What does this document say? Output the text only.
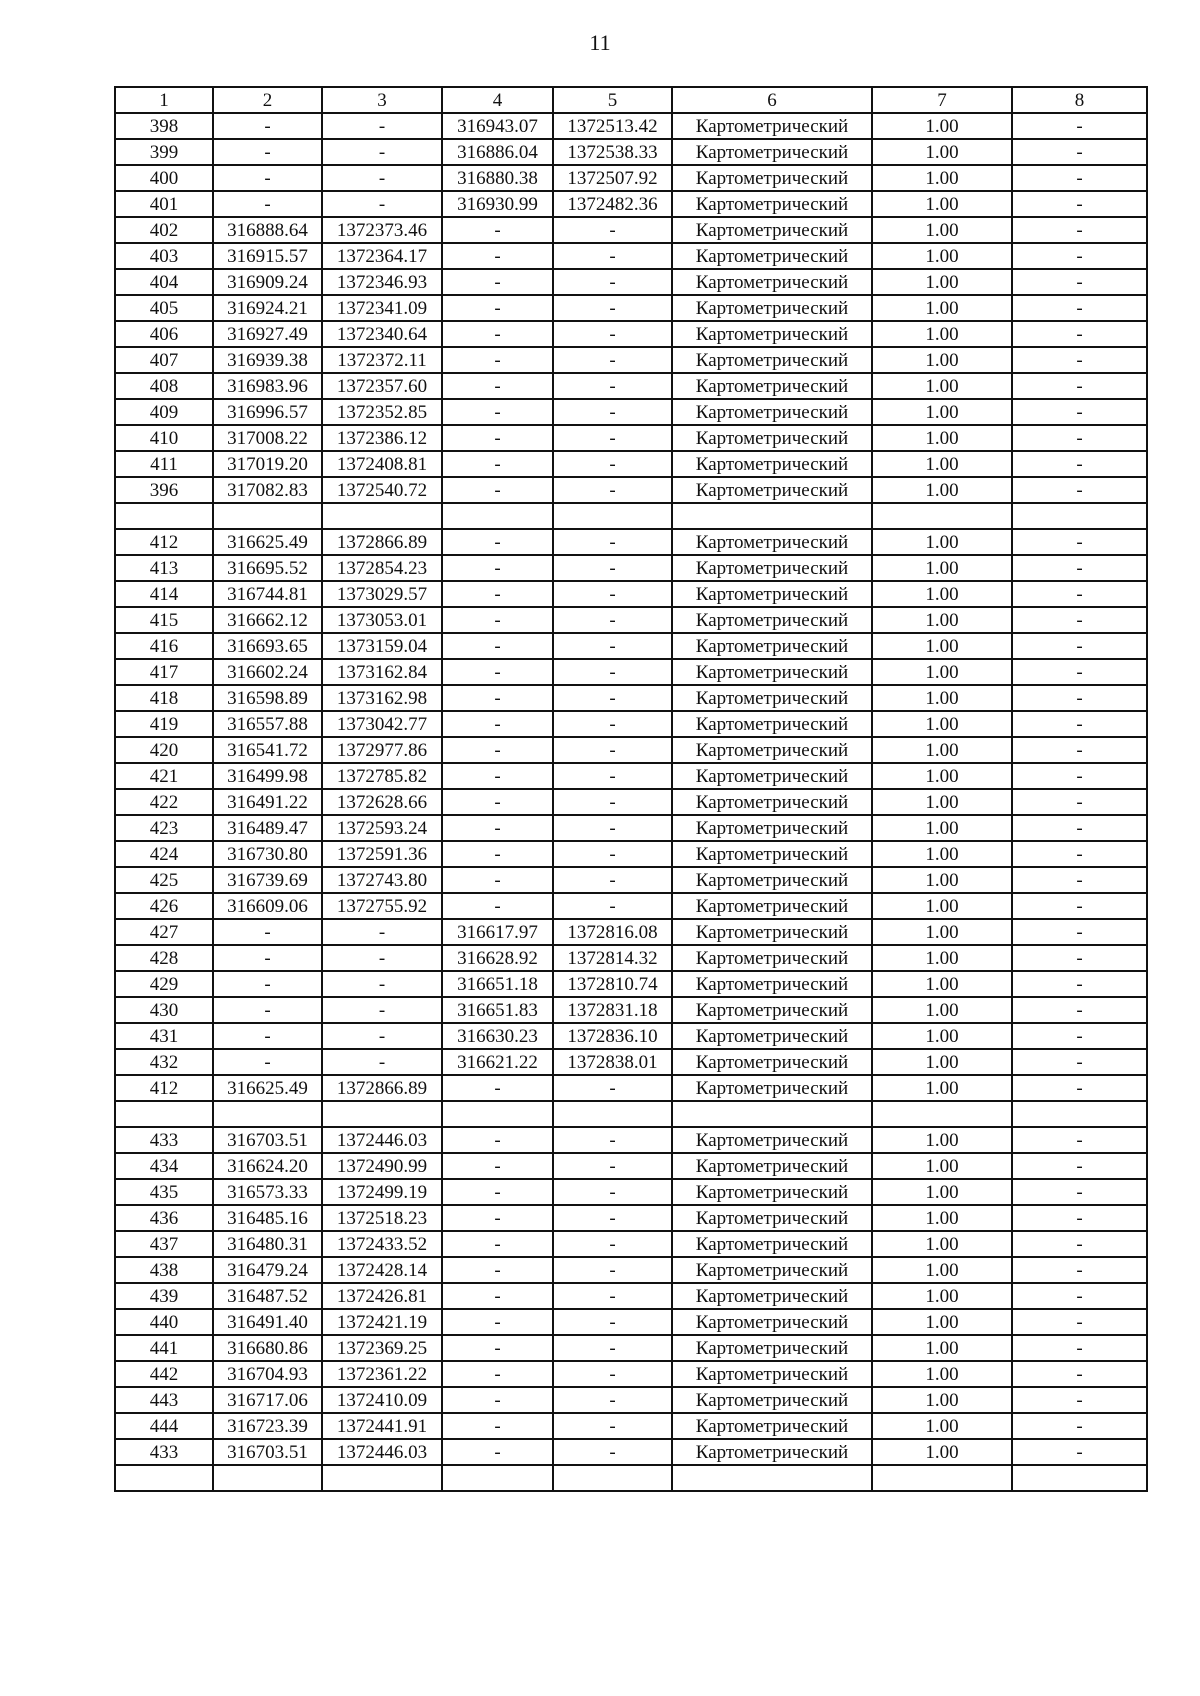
11
1	2	3	4	5	6	7	8
398	-	-	316943.07	1372513.42	Картометрический	1.00	-
399	-	-	316886.04	1372538.33	Картометрический	1.00	-
400	-	-	316880.38	1372507.92	Картометрический	1.00	-
401	-	-	316930.99	1372482.36	Картометрический	1.00	-
402	316888.64	1372373.46	-	-	Картометрический	1.00	-
403	316915.57	1372364.17	-	-	Картометрический	1.00	-
404	316909.24	1372346.93	-	-	Картометрический	1.00	-
405	316924.21	1372341.09	-	-	Картометрический	1.00	-
406	316927.49	1372340.64	-	-	Картометрический	1.00	-
407	316939.38	1372372.11	-	-	Картометрический	1.00	-
408	316983.96	1372357.60	-	-	Картометрический	1.00	-
409	316996.57	1372352.85	-	-	Картометрический	1.00	-
410	317008.22	1372386.12	-	-	Картометрический	1.00	-
411	317019.20	1372408.81	-	-	Картометрический	1.00	-
396	317082.83	1372540.72	-	-	Картометрический	1.00	-

412	316625.49	1372866.89	-	-	Картометрический	1.00	-
413	316695.52	1372854.23	-	-	Картометрический	1.00	-
414	316744.81	1373029.57	-	-	Картометрический	1.00	-
415	316662.12	1373053.01	-	-	Картометрический	1.00	-
416	316693.65	1373159.04	-	-	Картометрический	1.00	-
417	316602.24	1373162.84	-	-	Картометрический	1.00	-
418	316598.89	1373162.98	-	-	Картометрический	1.00	-
419	316557.88	1373042.77	-	-	Картометрический	1.00	-
420	316541.72	1372977.86	-	-	Картометрический	1.00	-
421	316499.98	1372785.82	-	-	Картометрический	1.00	-
422	316491.22	1372628.66	-	-	Картометрический	1.00	-
423	316489.47	1372593.24	-	-	Картометрический	1.00	-
424	316730.80	1372591.36	-	-	Картометрический	1.00	-
425	316739.69	1372743.80	-	-	Картометрический	1.00	-
426	316609.06	1372755.92	-	-	Картометрический	1.00	-
427	-	-	316617.97	1372816.08	Картометрический	1.00	-
428	-	-	316628.92	1372814.32	Картометрический	1.00	-
429	-	-	316651.18	1372810.74	Картометрический	1.00	-
430	-	-	316651.83	1372831.18	Картометрический	1.00	-
431	-	-	316630.23	1372836.10	Картометрический	1.00	-
432	-	-	316621.22	1372838.01	Картометрический	1.00	-
412	316625.49	1372866.89	-	-	Картометрический	1.00	-

433	316703.51	1372446.03	-	-	Картометрический	1.00	-
434	316624.20	1372490.99	-	-	Картометрический	1.00	-
435	316573.33	1372499.19	-	-	Картометрический	1.00	-
436	316485.16	1372518.23	-	-	Картометрический	1.00	-
437	316480.31	1372433.52	-	-	Картометрический	1.00	-
438	316479.24	1372428.14	-	-	Картометрический	1.00	-
439	316487.52	1372426.81	-	-	Картометрический	1.00	-
440	316491.40	1372421.19	-	-	Картометрический	1.00	-
441	316680.86	1372369.25	-	-	Картометрический	1.00	-
442	316704.93	1372361.22	-	-	Картометрический	1.00	-
443	316717.06	1372410.09	-	-	Картометрический	1.00	-
444	316723.39	1372441.91	-	-	Картометрический	1.00	-
433	316703.51	1372446.03	-	-	Картометрический	1.00	-
